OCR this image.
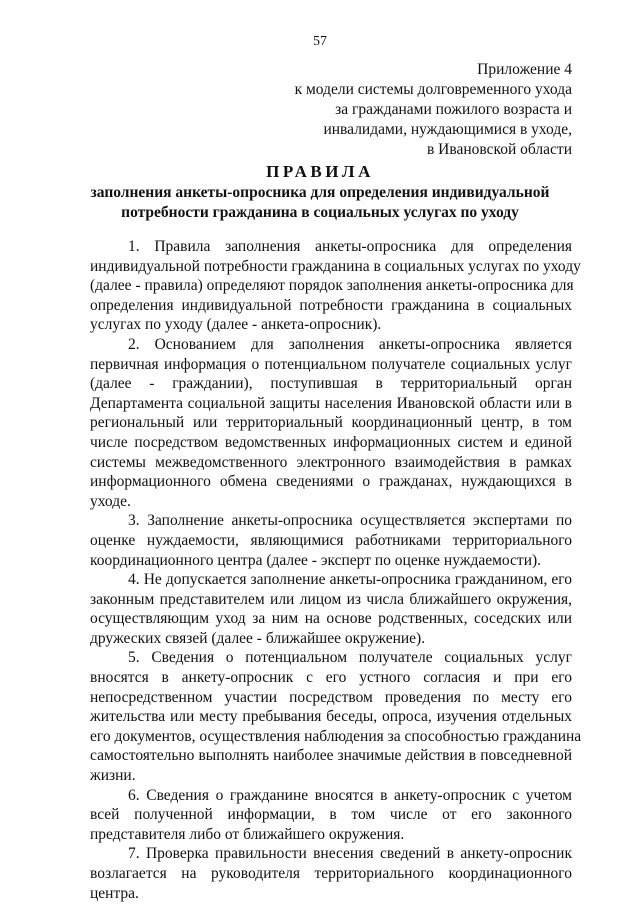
57
Приложение 4
к модели системы долговременного ухода
за гражданами пожилого возраста и
инвалидами, нуждающимися в уходе,
в Ивановской области
ПРАВИЛА
заполнения анкеты-опросника для определения индивидуальной
потребности гражданина в социальных услугах по уходу

1. Правила заполнения анкеты-опросника для определения
индивидуальной потребности гражданина в социальных услугах по уходу
(далее - правила) определяют порядок заполнения анкеты-опросника для
определения индивидуальной потребности гражданина в социальных
услугах по уходу (далее - анкета-опросник).

2. Основанием для заполнения анкеты-опросника является
первичная информация о потенциальном получателе социальных услуг
(далее - граждании), поступившая в территориальный орган
Департамента социальной защиты населения Ивановской области или в
региональный или территориальный координационный центр, в том
числе посредством ведомственных информационных систем и единой
системы межведомственного электронного взаимодействия в рамках
информационного обмена сведениями о гражданах, нуждающихся в
уходе.

3. Заполнение анкеты-опросника осуществляется экспертами по
оценке нуждаемости, являющимися работниками территориального
координационного центра (далее - эксперт по оценке нуждаемости).

4. Не допускается заполнение анкеты-опросника гражданином, его
законным представителем или лицом из числа ближайшего окружения,
осуществляющим уход за ним на основе родственных, соседских или
дружеских связей (далее - ближайшее окружение).

5. Сведения о потенциальном получателе социальных услуг
вносятся в анкету-опросник с его устного согласия и при его
непосредственном участии посредством проведения по месту его
жительства или месту пребывания беседы, опроса, изучения отдельных
его документов, осуществления наблюдения за способностью гражданина
самостоятельно выполнять наиболее значимые действия в повседневной
жизни.

6. Сведения о гражданине вносятся в анкету-опросник с учетом
всей полученной информации, в том числе от его законного
представителя либо от ближайшего окружения.

7. Проверка правильности внесения сведений в анкету-опросник
возлагается на руководителя территориального координационного
центра.
